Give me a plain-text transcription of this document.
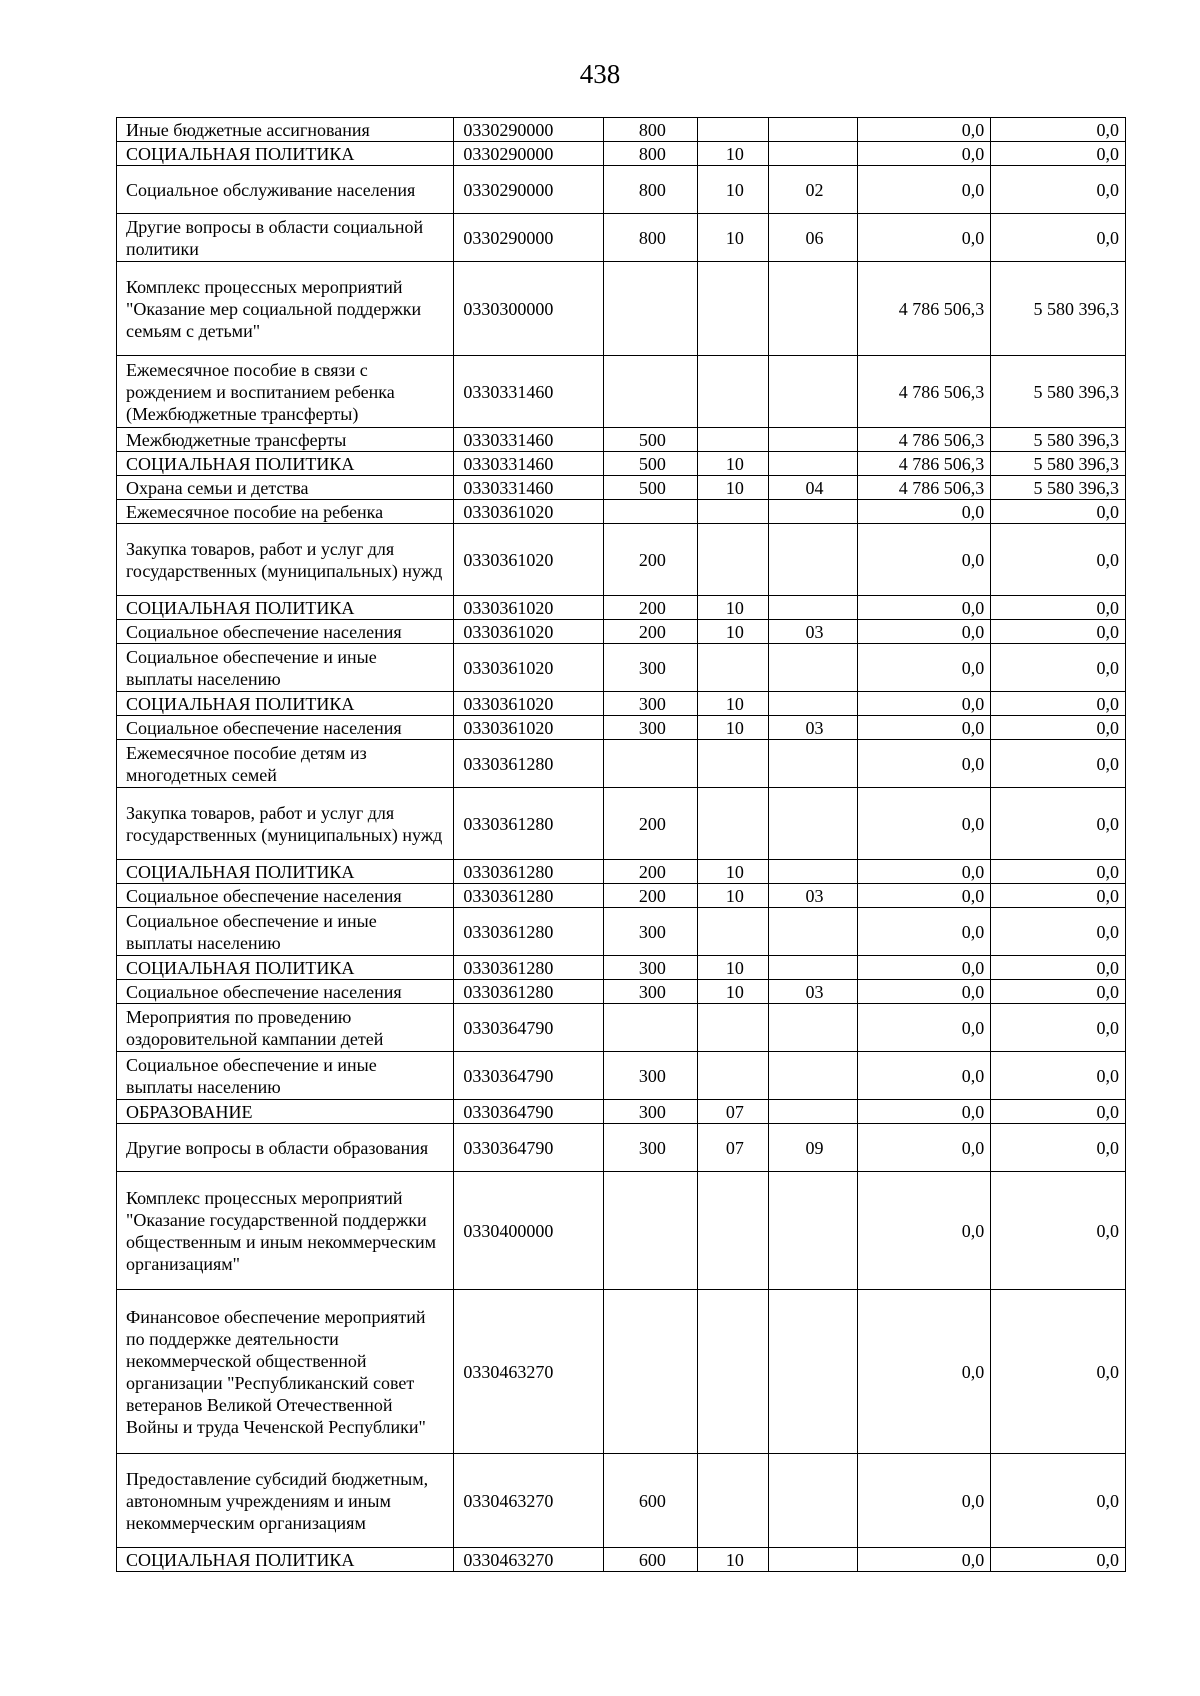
438
Иные бюджетные ассигнования	0330290000	800			0,0	0,0
СОЦИАЛЬНАЯ ПОЛИТИКА	0330290000	800	10		0,0	0,0
Социальное обслуживание населения	0330290000	800	10	02	0,0	0,0
Другие вопросы в области социальной политики	0330290000	800	10	06	0,0	0,0
Комплекс процессных мероприятий "Оказание мер социальной поддержки семьям с детьми"	0330300000				4 786 506,3	5 580 396,3
Ежемесячное пособие в связи с рождением и воспитанием ребенка (Межбюджетные трансферты)	0330331460				4 786 506,3	5 580 396,3
Межбюджетные трансферты	0330331460	500			4 786 506,3	5 580 396,3
СОЦИАЛЬНАЯ ПОЛИТИКА	0330331460	500	10		4 786 506,3	5 580 396,3
Охрана семьи и детства	0330331460	500	10	04	4 786 506,3	5 580 396,3
Ежемесячное пособие на ребенка	0330361020				0,0	0,0
Закупка товаров, работ и услуг для государственных (муниципальных) нужд	0330361020	200			0,0	0,0
СОЦИАЛЬНАЯ ПОЛИТИКА	0330361020	200	10		0,0	0,0
Социальное обеспечение населения	0330361020	200	10	03	0,0	0,0
Социальное обеспечение и иные выплаты населению	0330361020	300			0,0	0,0
СОЦИАЛЬНАЯ ПОЛИТИКА	0330361020	300	10		0,0	0,0
Социальное обеспечение населения	0330361020	300	10	03	0,0	0,0
Ежемесячное пособие детям из многодетных семей	0330361280				0,0	0,0
Закупка товаров, работ и услуг для государственных (муниципальных) нужд	0330361280	200			0,0	0,0
СОЦИАЛЬНАЯ ПОЛИТИКА	0330361280	200	10		0,0	0,0
Социальное обеспечение населения	0330361280	200	10	03	0,0	0,0
Социальное обеспечение и иные выплаты населению	0330361280	300			0,0	0,0
СОЦИАЛЬНАЯ ПОЛИТИКА	0330361280	300	10		0,0	0,0
Социальное обеспечение населения	0330361280	300	10	03	0,0	0,0
Мероприятия по проведению оздоровительной кампании детей	0330364790				0,0	0,0
Социальное обеспечение и иные выплаты населению	0330364790	300			0,0	0,0
ОБРАЗОВАНИЕ	0330364790	300	07		0,0	0,0
Другие вопросы в области образования	0330364790	300	07	09	0,0	0,0
Комплекс процессных мероприятий "Оказание государственной поддержки общественным и иным некоммерческим организациям"	0330400000				0,0	0,0
Финансовое обеспечение мероприятий по поддержке деятельности некоммерческой общественной организации "Республиканский совет ветеранов Великой Отечественной Войны и труда Чеченской Республики"	0330463270				0,0	0,0
Предоставление субсидий бюджетным, автономным учреждениям и иным некоммерческим организациям	0330463270	600			0,0	0,0
СОЦИАЛЬНАЯ ПОЛИТИКА	0330463270	600	10		0,0	0,0
